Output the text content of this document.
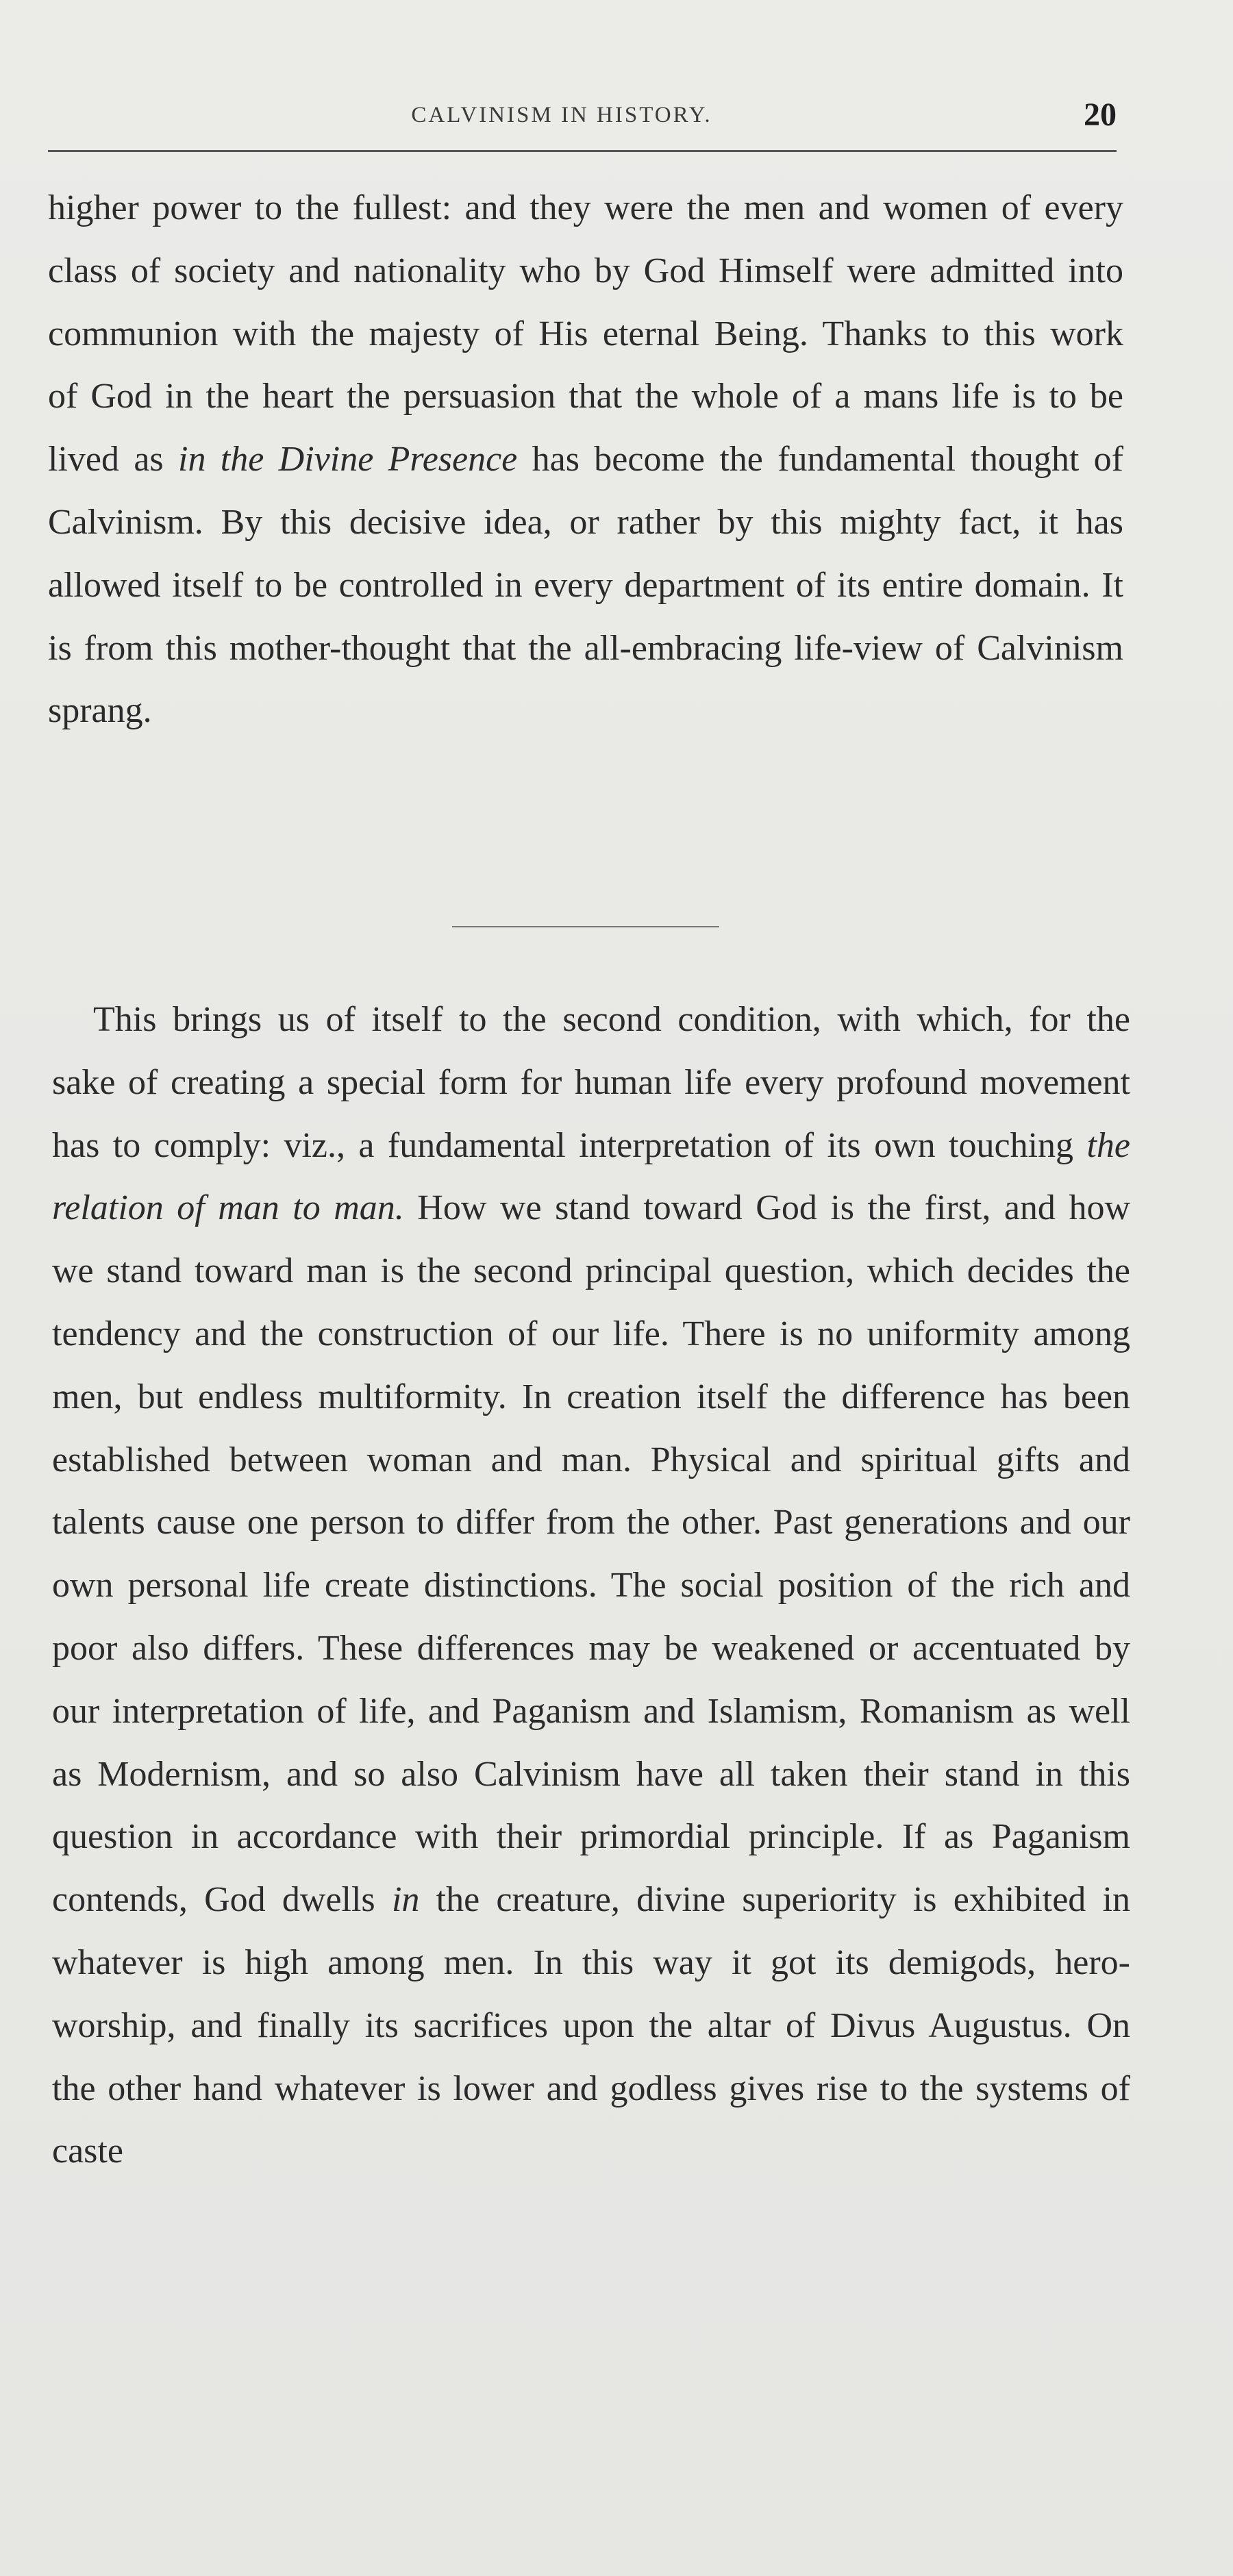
CALVINISM IN HISTORY.	20

higher power to the fullest: and they were the men and women of every class of society and nationality who by God Himself were admitted into communion with the majesty of His eternal Being. Thanks to this work of God in the heart the persuasion that the whole of a mans life is to be lived as in the Divine Presence has become the fundamental thought of Calvinism. By this decisive idea, or rather by this mighty fact, it has allowed itself to be controlled in every department of its entire domain. It is from this mother-thought that the all-embracing life-view of Calvinism sprang.

This brings us of itself to the second condition, with which, for the sake of creating a special form for human life every profound movement has to comply: viz., a fundamental interpretation of its own touching the relation of man to man. How we stand toward God is the first, and how we stand toward man is the second principal question, which decides the tendency and the construction of our life. There is no uniformity among men, but endless multiformity. In creation itself the difference has been established between woman and man. Physical and spiritual gifts and talents cause one person to differ from the other. Past generations and our own personal life create distinctions. The social position of the rich and poor also differs. These differences may be weakened or accentuated by our interpretation of life, and Paganism and Islamism, Romanism as well as Modernism, and so also Calvinism have all taken their stand in this question in accordance with their primordial principle. If as Paganism contends, God dwells in the creature, divine superiority is exhibited in whatever is high among men. In this way it got its demigods, hero-worship, and finally its sacrifices upon the altar of Divus Augustus. On the other hand whatever is lower and godless gives rise to the systems of caste
